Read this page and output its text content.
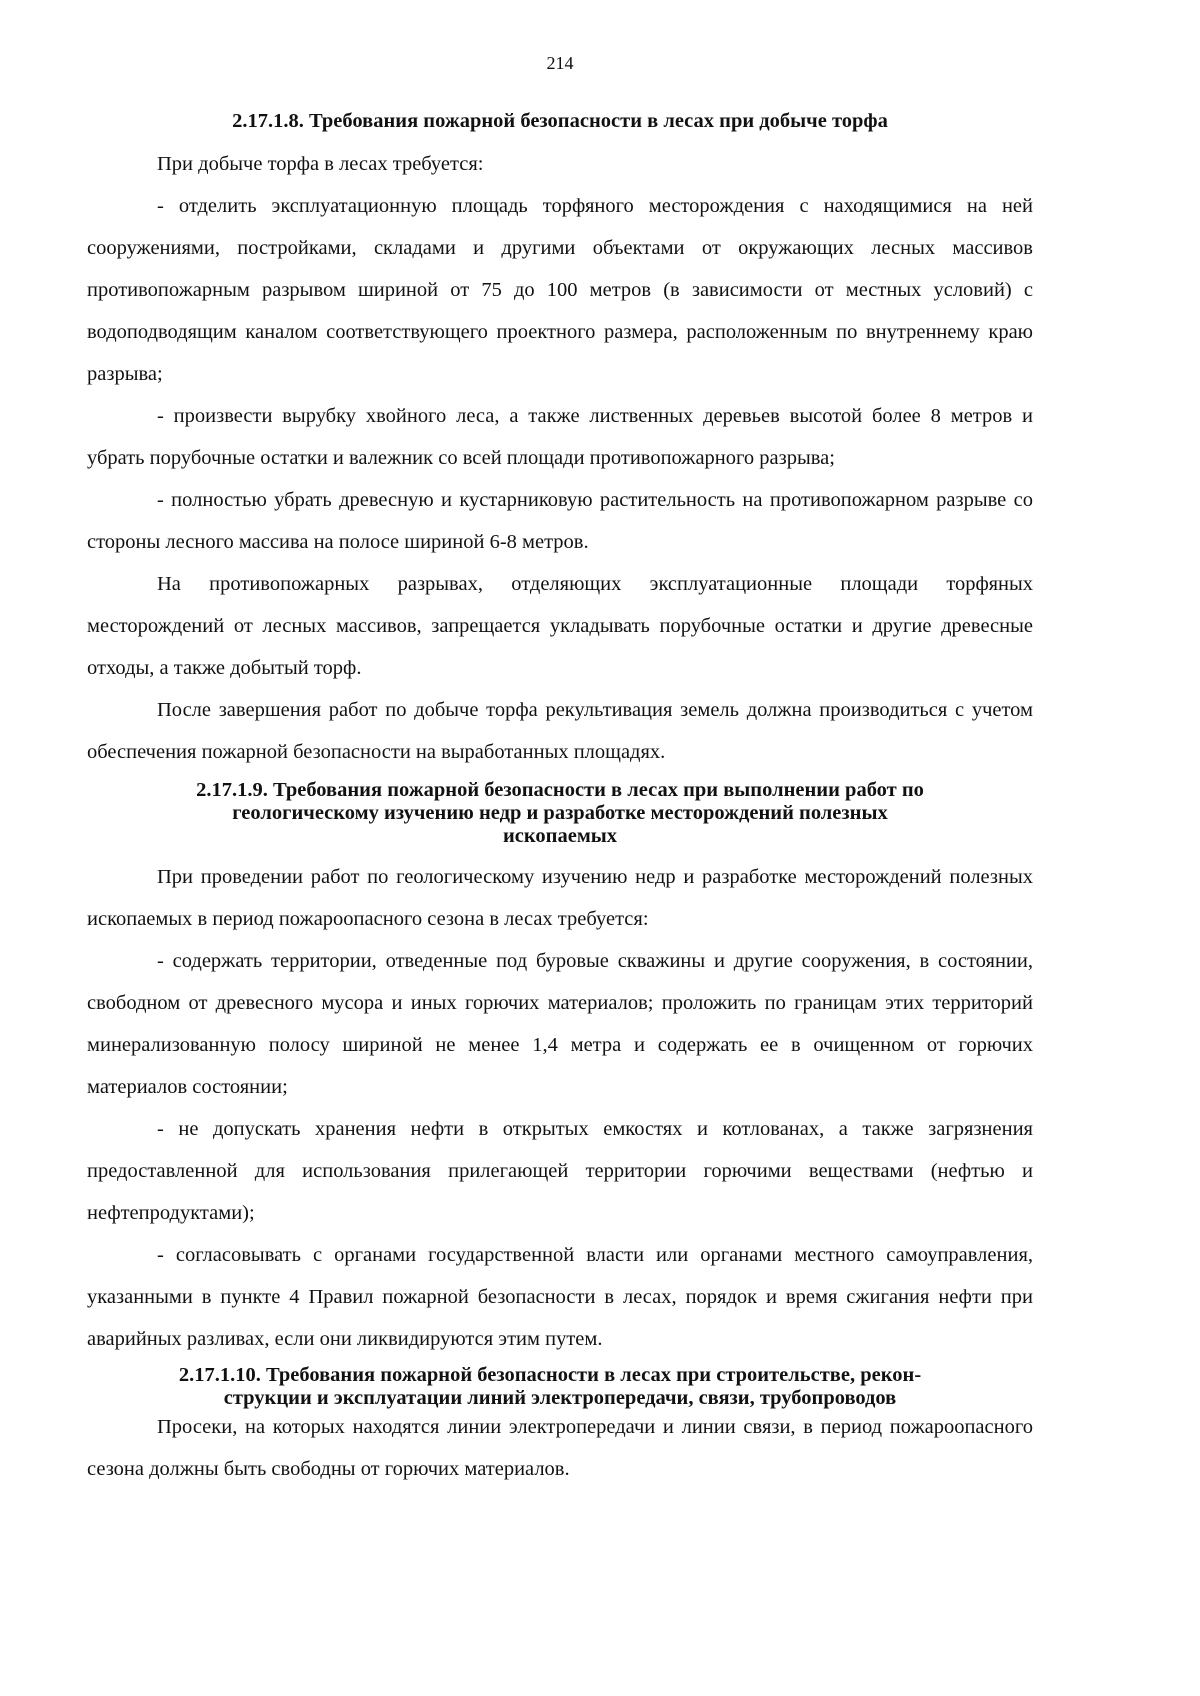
214
2.17.1.8. Требования пожарной безопасности в лесах при добыче торфа

При добыче торфа в лесах требуется:

- отделить эксплуатационную площадь торфяного месторождения с находящимися на ней сооружениями, постройками, складами и другими объектами от окружающих лесных массивов противопожарным разрывом шириной от 75 до 100 метров (в зависимости от местных условий) с водоподводящим каналом соответствующего проектного размера, расположенным по внутреннему краю разрыва;

- произвести вырубку хвойного леса, а также лиственных деревьев высотой более 8 метров и убрать порубочные остатки и валежник со всей площади противопожарного разрыва;

- полностью убрать древесную и кустарниковую растительность на противопожарном разрыве со стороны лесного массива на полосе шириной 6-8 метров.

На противопожарных разрывах, отделяющих эксплуатационные площади торфяных месторождений от лесных массивов, запрещается укладывать порубочные остатки и другие древесные отходы, а также добытый торф.

После завершения работ по добыче торфа рекультивация земель должна производиться с учетом обеспечения пожарной безопасности на выработанных площадях.

2.17.1.9. Требования пожарной безопасности в лесах при выполнении работ по
геологическому изучению недр и разработке месторождений полезных
ископаемых

При проведении работ по геологическому изучению недр и разработке месторождений полезных ископаемых в период пожароопасного сезона в лесах требуется:

- содержать территории, отведенные под буровые скважины и другие сооружения, в состоянии, свободном от древесного мусора и иных горючих материалов; проложить по границам этих территорий минерализованную полосу шириной не менее 1,4 метра и содержать ее в очищенном от горючих материалов состоянии;

- не допускать хранения нефти в открытых емкостях и котлованах, а также загрязнения предоставленной для использования прилегающей территории горючими веществами (нефтью и нефтепродуктами);

- согласовывать с органами государственной власти или органами местного самоуправления, указанными в пункте 4 Правил пожарной безопасности в лесах, порядок и время сжигания нефти при аварийных разливах, если они ликвидируются этим путем.

2.17.1.10. Требования пожарной безопасности в лесах при строительстве, рекон-
струкции и эксплуатации линий электропередачи, связи, трубопроводов

Просеки, на которых находятся линии электропередачи и линии связи, в период пожароопасного сезона должны быть свободны от горючих материалов.
